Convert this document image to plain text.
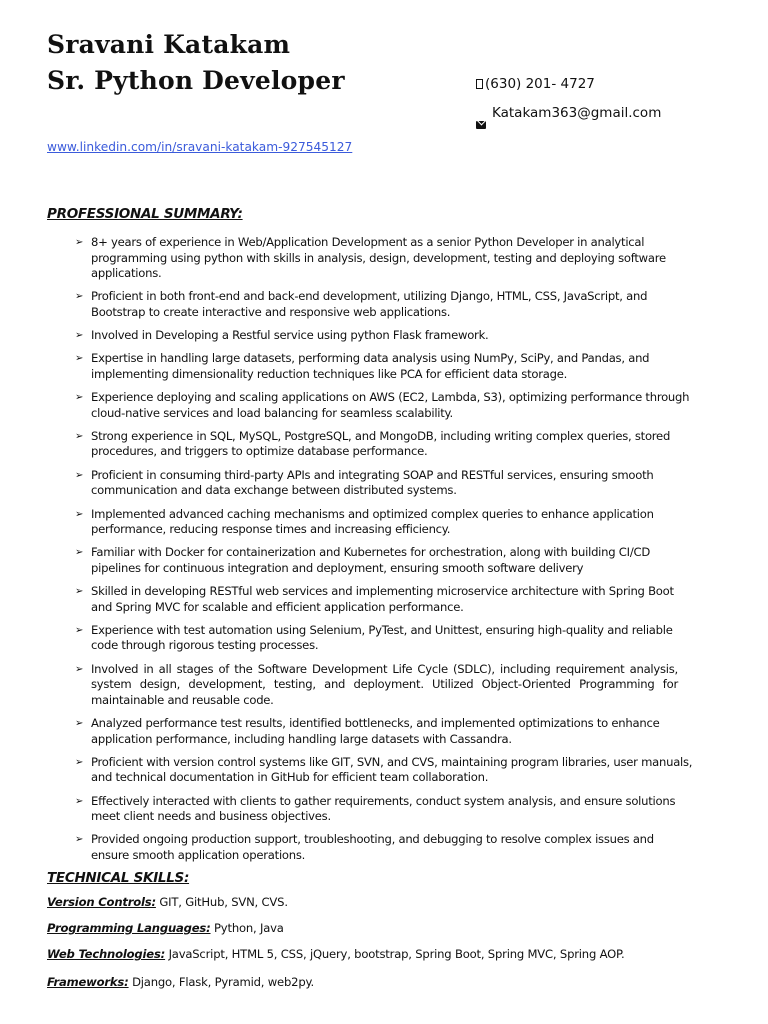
Sravani Katakam
Sr. Python Developer	(630) 201- 4727
Katakam363@gmail.com
www.linkedin.com/in/sravani-katakam-927545127
PROFESSIONAL SUMMARY:
➢ 8+ years of experience in Web/Application Development as a senior Python Developer in analytical programming using python with skills in analysis, design, development, testing and deploying software applications.
➢ Proficient in both front-end and back-end development, utilizing Django, HTML, CSS, JavaScript, and Bootstrap to create interactive and responsive web applications.
➢ Involved in Developing a Restful service using python Flask framework.
➢ Expertise in handling large datasets, performing data analysis using NumPy, SciPy, and Pandas, and implementing dimensionality reduction techniques like PCA for efficient data storage.
➢ Experience deploying and scaling applications on AWS (EC2, Lambda, S3), optimizing performance through cloud-native services and load balancing for seamless scalability.
➢ Strong experience in SQL, MySQL, PostgreSQL, and MongoDB, including writing complex queries, stored procedures, and triggers to optimize database performance.
➢ Proficient in consuming third-party APIs and integrating SOAP and RESTful services, ensuring smooth communication and data exchange between distributed systems.
➢ Implemented advanced caching mechanisms and optimized complex queries to enhance application performance, reducing response times and increasing efficiency.
➢ Familiar with Docker for containerization and Kubernetes for orchestration, along with building CI/CD pipelines for continuous integration and deployment, ensuring smooth software delivery
➢ Skilled in developing RESTful web services and implementing microservice architecture with Spring Boot and Spring MVC for scalable and efficient application performance.
➢ Experience with test automation using Selenium, PyTest, and Unittest, ensuring high-quality and reliable code through rigorous testing processes.
➢ Involved in all stages of the Software Development Life Cycle (SDLC), including requirement analysis, system design, development, testing, and deployment. Utilized Object-Oriented Programming for maintainable and reusable code.
➢ Analyzed performance test results, identified bottlenecks, and implemented optimizations to enhance application performance, including handling large datasets with Cassandra.
➢ Proficient with version control systems like GIT, SVN, and CVS, maintaining program libraries, user manuals, and technical documentation in GitHub for efficient team collaboration.
➢ Effectively interacted with clients to gather requirements, conduct system analysis, and ensure solutions meet client needs and business objectives.
➢ Provided ongoing production support, troubleshooting, and debugging to resolve complex issues and ensure smooth application operations.
TECHNICAL SKILLS:

Version Controls: GIT, GitHub, SVN, CVS.

Programming Languages: Python, Java

Web Technologies: JavaScript, HTML 5, CSS, jQuery, bootstrap, Spring Boot, Spring MVC, Spring AOP.

Frameworks: Django, Flask, Pyramid, web2py.
